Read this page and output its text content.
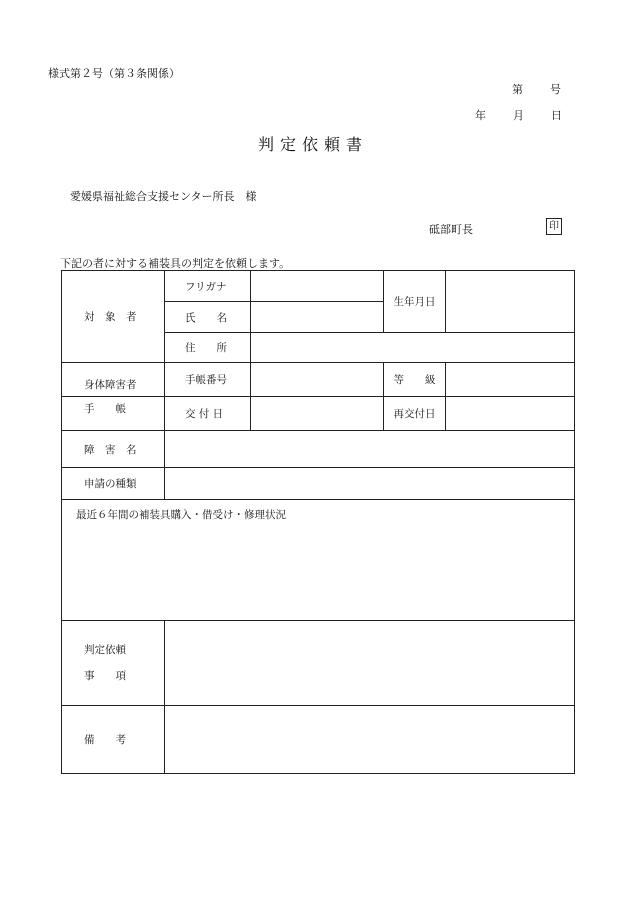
様式第２号（第３条関係）
第 号
年 月 日
判定依頼書
愛媛県福祉総合支援センター所長　様
砥部町長	印
下記の者に対する補装具の判定を依頼します。
対　象　者	フリガナ		生年月日	
	氏　　名			
	住　　所			
身体障害者	手帳番号		等　　級	
手　　帳	交 付 日		再交付日	
障　害　名				
申請の種類				
最近６年間の補装具購入・借受け・修理状況				

判定依頼
事　　項				

備　　考				
